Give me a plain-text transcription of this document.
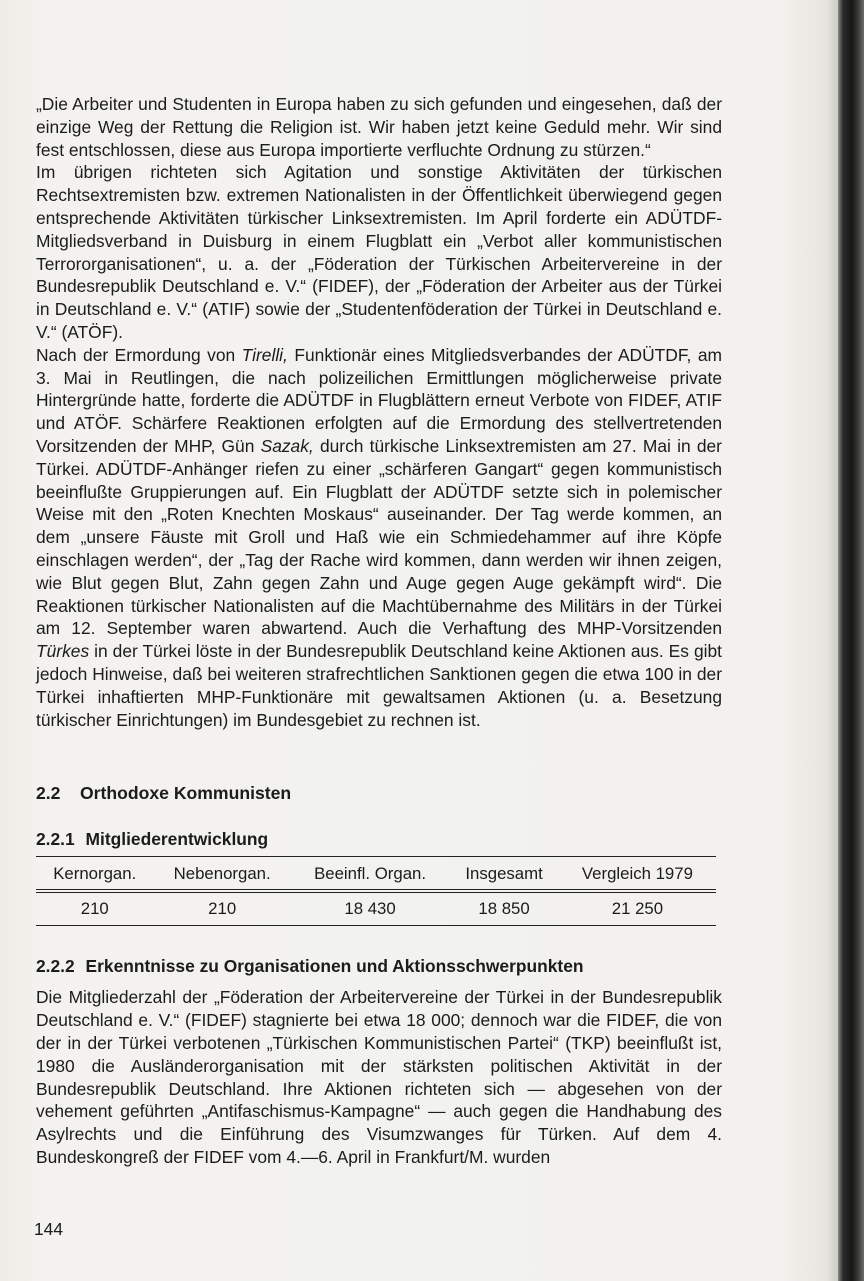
„Die Arbeiter und Studenten in Europa haben zu sich gefunden und eingesehen, daß der einzige Weg der Rettung die Religion ist. Wir haben jetzt keine Geduld mehr. Wir sind fest entschlossen, diese aus Europa importierte verfluchte Ordnung zu stürzen.“

Im übrigen richteten sich Agitation und sonstige Aktivitäten der türkischen Rechtsextremisten bzw. extremen Nationalisten in der Öffentlichkeit überwiegend gegen entsprechende Aktivitäten türkischer Linksextremisten. Im April forderte ein ADÜTDF-Mitgliedsverband in Duisburg in einem Flugblatt ein „Verbot aller kommunistischen Terrororganisationen“, u. a. der „Föderation der Türkischen Arbeitervereine in der Bundesrepublik Deutschland e. V.“ (FIDEF), der „Föderation der Arbeiter aus der Türkei in Deutschland e. V.“ (ATIF) sowie der „Studentenföderation der Türkei in Deutschland e. V.“ (ATÖF).

Nach der Ermordung von Tirelli, Funktionär eines Mitgliedsverbandes der ADÜTDF, am 3. Mai in Reutlingen, die nach polizeilichen Ermittlungen möglicherweise private Hintergründe hatte, forderte die ADÜTDF in Flugblättern erneut Verbote von FIDEF, ATIF und ATÖF. Schärfere Reaktionen erfolgten auf die Ermordung des stellvertretenden Vorsitzenden der MHP, Gün Sazak, durch türkische Linksextremisten am 27. Mai in der Türkei. ADÜTDF-Anhänger riefen zu einer „schärferen Gangart“ gegen kommunistisch beeinflußte Gruppierungen auf. Ein Flugblatt der ADÜTDF setzte sich in polemischer Weise mit den „Roten Knechten Moskaus“ auseinander. Der Tag werde kommen, an dem „unsere Fäuste mit Groll und Haß wie ein Schmiedehammer auf ihre Köpfe einschlagen werden“, der „Tag der Rache wird kommen, dann werden wir ihnen zeigen, wie Blut gegen Blut, Zahn gegen Zahn und Auge gegen Auge gekämpft wird“. Die Reaktionen türkischer Nationalisten auf die Machtübernahme des Militärs in der Türkei am 12. September waren abwartend. Auch die Verhaftung des MHP-Vorsitzenden Türkes in der Türkei löste in der Bundesrepublik Deutschland keine Aktionen aus. Es gibt jedoch Hinweise, daß bei weiteren strafrechtlichen Sanktionen gegen die etwa 100 in der Türkei inhaftierten MHP-Funktionäre mit gewaltsamen Aktionen (u. a. Besetzung türkischer Einrichtungen) im Bundesgebiet zu rechnen ist.

2.2	Orthodoxe Kommunisten
2.2.1 Mitgliederentwicklung
Kernorgan.	Nebenorgan.	Beeinfl. Organ.	Insgesamt	Vergleich 1979

210	210	18 430	18 850	21 250
2.2.2 Erkenntnisse zu Organisationen und Aktionsschwerpunkten

Die Mitgliederzahl der „Föderation der Arbeitervereine der Türkei in der Bundesrepublik Deutschland e. V.“ (FIDEF) stagnierte bei etwa 18 000; dennoch war die FIDEF, die von der in der Türkei verbotenen „Türkischen Kommunistischen Partei“ (TKP) beeinflußt ist, 1980 die Ausländerorganisation mit der stärksten politischen Aktivität in der Bundesrepublik Deutschland. Ihre Aktionen richteten sich — abgesehen von der vehement geführten „Antifaschismus-Kampagne“ — auch gegen die Handhabung des Asylrechts und die Einführung des Visumzwanges für Türken. Auf dem 4. Bundeskongreß der FIDEF vom 4.—6. April in Frankfurt/M. wurden

144
